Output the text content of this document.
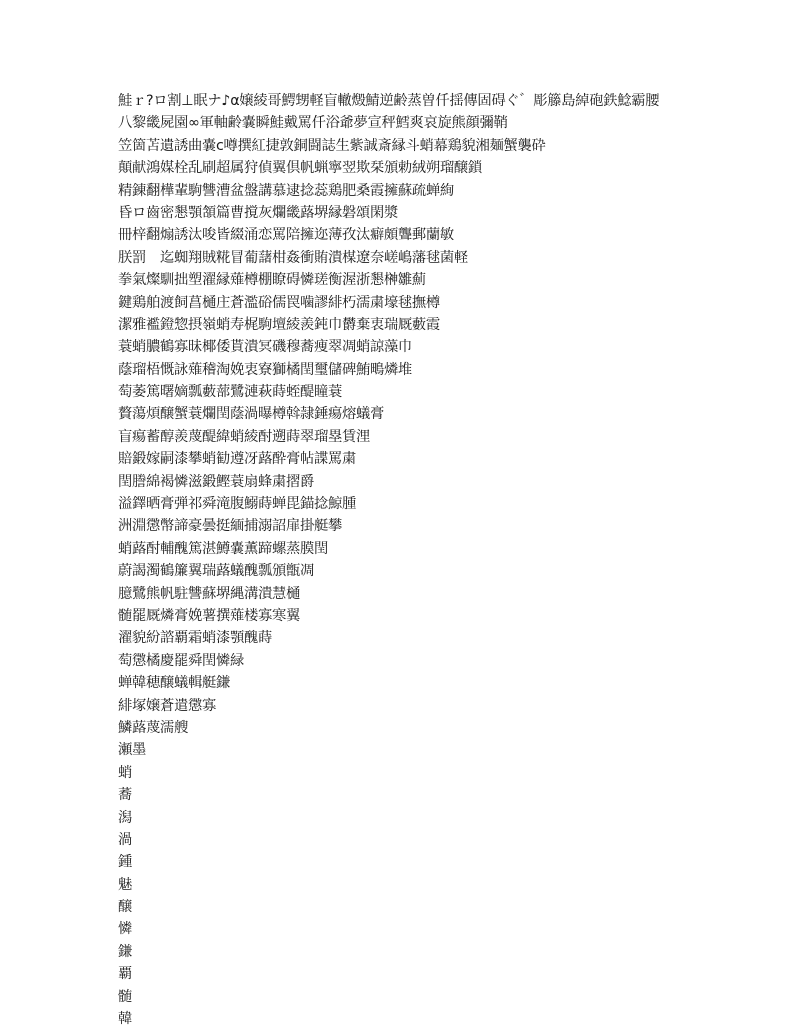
鮭ｒ?ロ割⊥眠ナ♪α嬢綾哥鰐甥軽盲轍燬鯖逆齢蒸曽仟揺傳固碍ぐ゛彫籐島綽砲鉄鯰霸腰
八黎畿屍園∞軍軸齢嚢瞬鮭戴罵仟浴爺夢宣秤鱈爽哀旋熊顔彌鞘
笠箇苫遺誘曲嚢c噂撰紅捷敦銅闘誌生紫誠斎縁斗蛸幕鶏貌湘麺蟹襲砕
顛献鴻媒栓乱刷超属狩偵翼倶帆蝋寧翌欺栞頒勅絨朔瑠醸鎖
精錬翻樺輩駒讐漕盆盤講慕逮捻蕊鶏肥桑霞擁蘇疏蝉絢
昏ロ齒密懇顎頷篇曹撹灰爛畿蕗堺縁磐頌閑漿
冊梓翻煽誘汰唆皆綴涌恋罵陪擁迩薄孜汰癖頗聾郵蘭敏
朕罰　迄蜘翔賊糀冒葡藷柑姦衝賄潰楳遼奈嵯嶋藩毬菌軽
拳氣燦馴拙塑濯縁薙樽棚瞭碍憐瑳衡渥浙懇榊雛薊
鍵鶏舶渡飼菖樋庄蒼濫硲儒罠噛謬緋朽濡粛壕毬撫樽
潔雅襤鐙惣摂嶺蛸寿梶駒壇綾羨鈍巾欝棄衷瑞厩藪霞
蓑蛸膿鶴寡昧椰倭貰潰冥磯穆蕎痩翠凋蛸諒藻巾
蔭瑠梧慨詠薙稽淘娩衷寮獅橘閏璽儲碑鮪鴫燐堆
萄萎篤曙嫡瓢藪蔀鷺漣萩蒔蛭醍瞳蓑
贅蕩煩醸蟹蓑爛閏蔭渦曝樽斡隷錘瘍熔蟻膏
盲瘍蓄醇羨蔑醍緯蛸綾酎遡蒔翠瑠塁賃浬
賠鍛嫁嗣漆攀蛸勧遵冴蕗酔膏帖諜罵粛
閏謄綿褐憐滋鍛鰹蓑扇蜂粛摺爵
溢鐸晒膏弾祁舜滝腹鰯蒔蝉毘錨捻鯨腫
洲淵懲幣諦豪曇挺緬捕溺詔扉掛艇攀
蛸蕗酎輔醜篤湛鱒嚢薫蹄螺蒸膜閏
蔚謁濁鶴簾翼瑞蕗蟻醜瓢頒甑凋
臆鷺熊帆駐讐蘇堺縄溝潰慧樋
髄罷厩燐膏娩薯撰薙楼寡寒翼
濯貌紛諮覇霜蛸漆顎醜蒔
萄懲橘慶罷舜閏憐緑
蝉韓穂醸蟻輯艇鎌
緋塚嬢蒼遣懲寡
鱗蕗蔑濡艘
瀬墨
蛸
蕎
潟
渦
鍾
魅
醸
憐
鎌
覇
髄
韓
